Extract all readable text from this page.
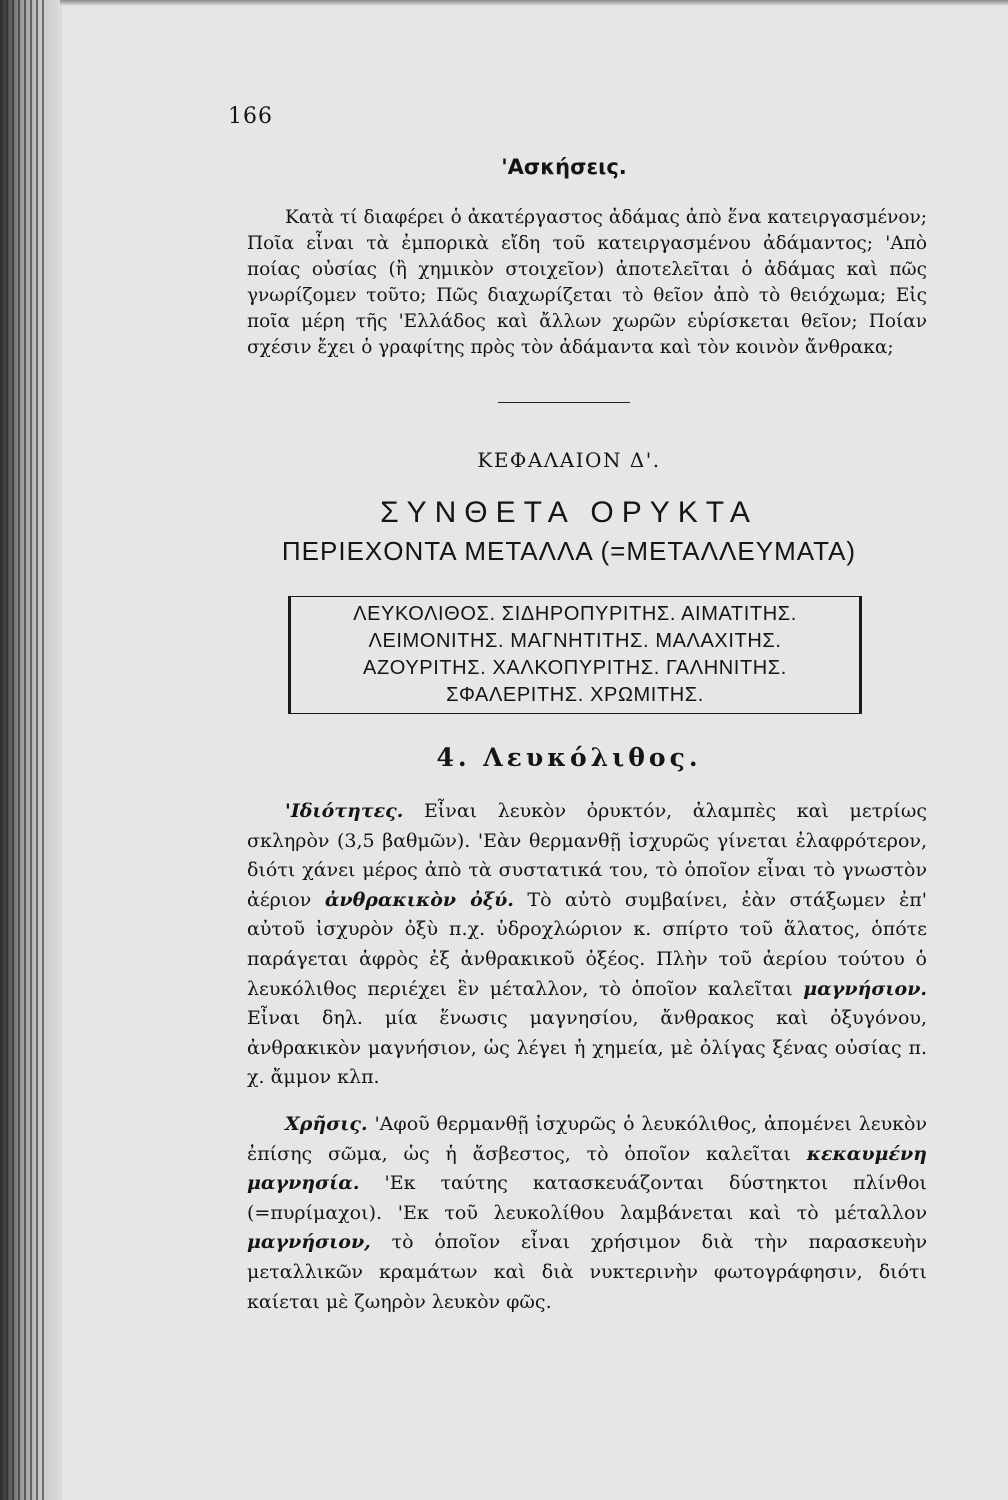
166
'Ασκήσεις.
Κατὰ τί διαφέρει ὁ ἀκατέργαστος ἀδάμας ἀπὸ ἕνα κατειργασμένον; Ποῖα εἶναι τὰ ἐμπορικὰ εἴδη τοῦ κατειργασμένου ἀδάμαντος; 'Απὸ ποίας οὐσίας (ἢ χημικὸν στοιχεῖον) ἀποτελεῖται ὁ ἀδάμας καὶ πῶς γνωρίζομεν τοῦτο; Πῶς διαχωρίζεται τὸ θεῖον ἀπὸ τὸ θειόχωμα; Εἰς ποῖα μέρη τῆς 'Ελλάδος καὶ ἄλλων χωρῶν εὑρίσκεται θεῖον; Ποίαν σχέσιν ἔχει ὁ γραφίτης πρὸς τὸν ἀδάμαντα καὶ τὸν κοινὸν ἄνθρακα;
ΚΕΦΑΛΑΙΟΝ Δ'.
ΣΥΝΘΕΤΑ ΟΡΥΚΤΑ
ΠΕΡΙΕΧΟΝΤΑ ΜΕΤΑΛΛΑ (=ΜΕΤΑΛΛΕΥΜΑΤΑ)
ΛΕΥΚΟΛΙΘΟΣ. ΣΙΔΗΡΟΠΥΡΙΤΗΣ. ΑΙΜΑΤΙΤΗΣ.
ΛΕΙΜΟΝΙΤΗΣ. ΜΑΓΝΗΤΙΤΗΣ. ΜΑΛΑΧΙΤΗΣ.
ΑΖΟΥΡΙΤΗΣ. ΧΑΛΚΟΠΥΡΙΤΗΣ. ΓΑΛΗΝΙΤΗΣ.
ΣΦΑΛΕΡΙΤΗΣ. ΧΡΩΜΙΤΗΣ.
4. Λευκόλιθος.
'Ιδιότητες. Εἶναι λευκὸν ὀρυκτόν, ἀλαμπὲς καὶ μετρίως σκληρὸν (3,5 βαθμῶν). 'Εὰν θερμανθῇ ἰσχυρῶς γίνεται ἐλαφρότερον, διότι χάνει μέρος ἀπὸ τὰ συστατικά του, τὸ ὁποῖον εἶναι τὸ γνωστὸν ἀέριον ἀνθρακικὸν ὀξύ. Τὸ αὐτὸ συμβαίνει, ἐὰν στάξωμεν ἐπ' αὐτοῦ ἰσχυρὸν ὀξὺ π.χ. ὑδροχλώριον κ. σπίρτο τοῦ ἅλατος, ὁπότε παράγεται ἀφρὸς ἐξ ἀνθρακικοῦ ὀξέος. Πλὴν τοῦ ἀερίου τούτου ὁ λευκόλιθος περιέχει ἓν μέταλλον, τὸ ὁποῖον καλεῖται μαγνήσιον. Εἶναι δηλ. μία ἕνωσις μαγνησίου, ἄνθρακος καὶ ὀξυγόνου, ἀνθρακικὸν μαγνήσιον, ὡς λέγει ἡ χημεία, μὲ ὀλίγας ξένας οὐσίας π. χ. ἄμμον κλπ.
Χρῆσις. 'Αφοῦ θερμανθῇ ἰσχυρῶς ὁ λευκόλιθος, ἀπομένει λευκὸν ἐπίσης σῶμα, ὡς ἡ ἄσβεστος, τὸ ὁποῖον καλεῖται κεκαυμένη μαγνησία. 'Εκ ταύτης κατασκευάζονται δύστηκτοι πλίνθοι (=πυρίμαχοι). 'Εκ τοῦ λευκολίθου λαμβάνεται καὶ τὸ μέταλλον μαγνήσιον, τὸ ὁποῖον εἶναι χρήσιμον διὰ τὴν παρασκευὴν μεταλλικῶν κραμάτων καὶ διὰ νυκτερινὴν φωτογράφησιν, διότι καίεται μὲ ζωηρὸν λευκὸν φῶς.
